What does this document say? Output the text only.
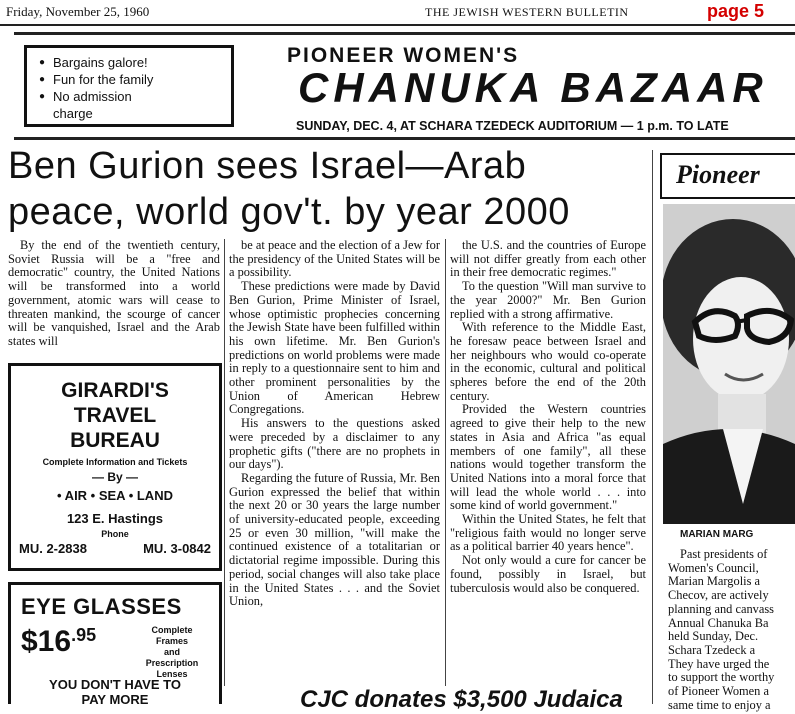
Friday, November 25, 1960	THE JEWISH WESTERN BULLETIN	page 5
● Bargains galore!
● Fun for the family
● No admission
charge
PIONEER WOMEN'S
CHANUKA BAZAAR
SUNDAY, DEC. 4, AT SCHARA TZEDECK AUDITORIUM — 1 p.m. TO LATE
Ben Gurion sees Israel—Arab
peace, world gov't. by year 2000

By the end of the twentieth century, Soviet Russia will be a "free and democratic" country, the United Nations will be transformed into a world government, atomic wars will cease to threaten mankind, the scourge of cancer will be vanquished, Israel and the Arab states will

be at peace and the election of a Jew for the presidency of the United States will be a possibility.

These predictions were made by David Ben Gurion, Prime Minister of Israel, whose optimistic prophecies concerning the Jewish State have been fulfilled within his own lifetime. Mr. Ben Gurion's predictions on world problems were made in reply to a questionnaire sent to him and other prominent personalities by the Union of American Hebrew Congregations.

His answers to the questions asked were preceded by a disclaimer to any prophetic gifts ("there are no prophets in our days").

Regarding the future of Russia, Mr. Ben Gurion expressed the belief that within the next 20 or 30 years the large number of university-educated people, exceeding 25 or even 30 million, "will make the continued existence of a totalitarian or dictatorial regime impossible. During this period, social changes will also take place in the United States . . . and the Soviet Union,

the U.S. and the countries of Europe will not differ greatly from each other in their free democratic regimes."

To the question "Will man survive to the year 2000?" Mr. Ben Gurion replied with a strong affirmative.

With reference to the Middle East, he foresaw peace between Israel and her neighbours who would co-operate in the economic, cultural and political spheres before the end of the 20th century.

Provided the Western countries agreed to give their help to the new states in Asia and Africa "as equal members of one family", all these nations would together transform the United Nations into a moral force that will lead the whole world . . . into some kind of world government."

Within the United States, he felt that "religious faith would no longer serve as a political barrier 40 years hence".

Not only would a cure for cancer be found, possibly in Israel, but tuberculosis would also be conquered.

GIRARDI'S
TRAVEL
BUREAU
Complete Information and Tickets
— By —
• AIR • SEA • LAND
123 E. Hastings
Phone
MU. 2-2838	MU. 3-0842
EYE GLASSES
$\$16^{.95}$	Complete
Frames
and
Prescription
Lenses
YOU DON'T HAVE TO
PAY MORE	CJC donates $3,500 Judaica
Pioneer
MARIAN MARG
Past presidents of
Women's Council,
Marian Margolis a
Checov, are actively
planning and canvass
Annual Chanuka Ba
held Sunday, Dec.
Schara Tzedeck a
They have urged the
to support the worthy
of Pioneer Women a
same time to enjoy a
